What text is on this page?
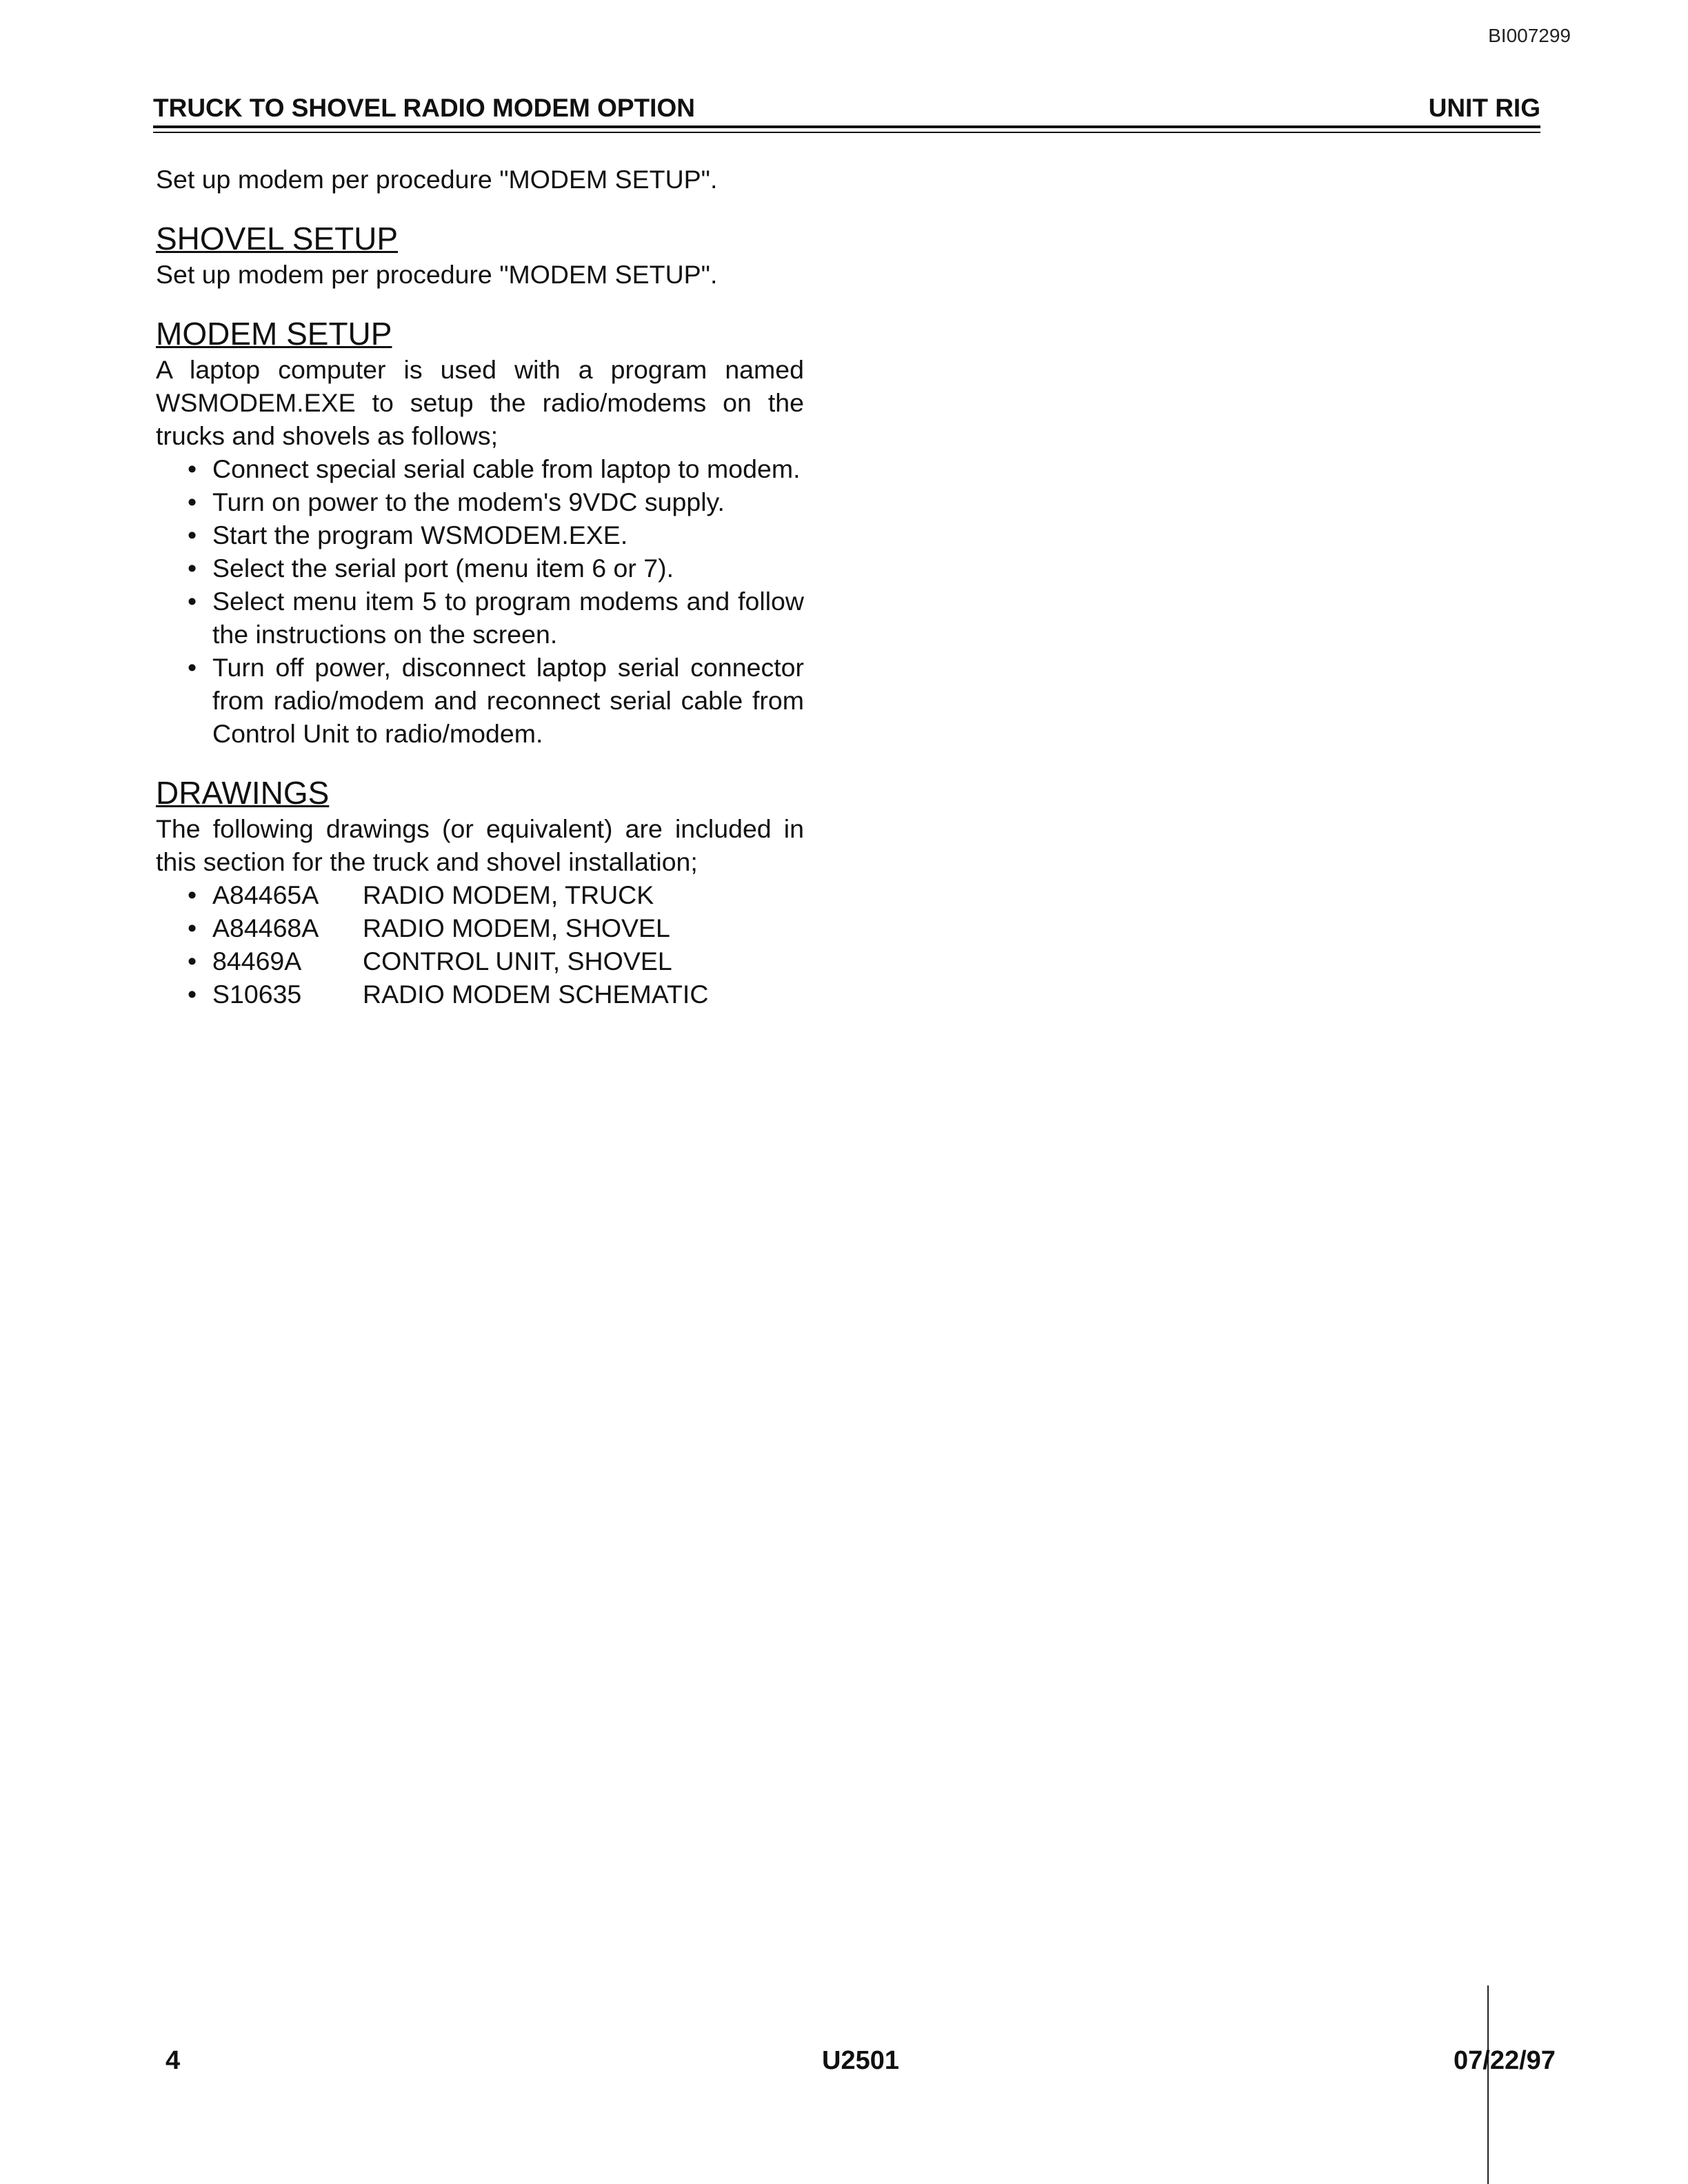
BI007299
TRUCK TO SHOVEL RADIO MODEM OPTION	UNIT RIG

Set up modem per procedure "MODEM SETUP".

SHOVEL SETUP

Set up modem per procedure "MODEM SETUP".

MODEM SETUP

A laptop computer is used with a program named WSMODEM.EXE to setup the radio/modems on the trucks and shovels as follows;

• Connect special serial cable from laptop to modem.
• Turn on power to the modem's 9VDC supply.
• Start the program WSMODEM.EXE.
• Select the serial port (menu item 6 or 7).
• Select menu item 5 to program modems and follow the instructions on the screen.
• Turn off power, disconnect laptop serial connector from radio/modem and reconnect serial cable from Control Unit to radio/modem.
DRAWINGS

The following drawings (or equivalent) are included in this section for the truck and shovel installation;

• A84465A RADIO MODEM, TRUCK
• A84468A RADIO MODEM, SHOVEL
• 84469A CONTROL UNIT, SHOVEL
• S10635 RADIO MODEM SCHEMATIC
4	U2501	07/22/97
